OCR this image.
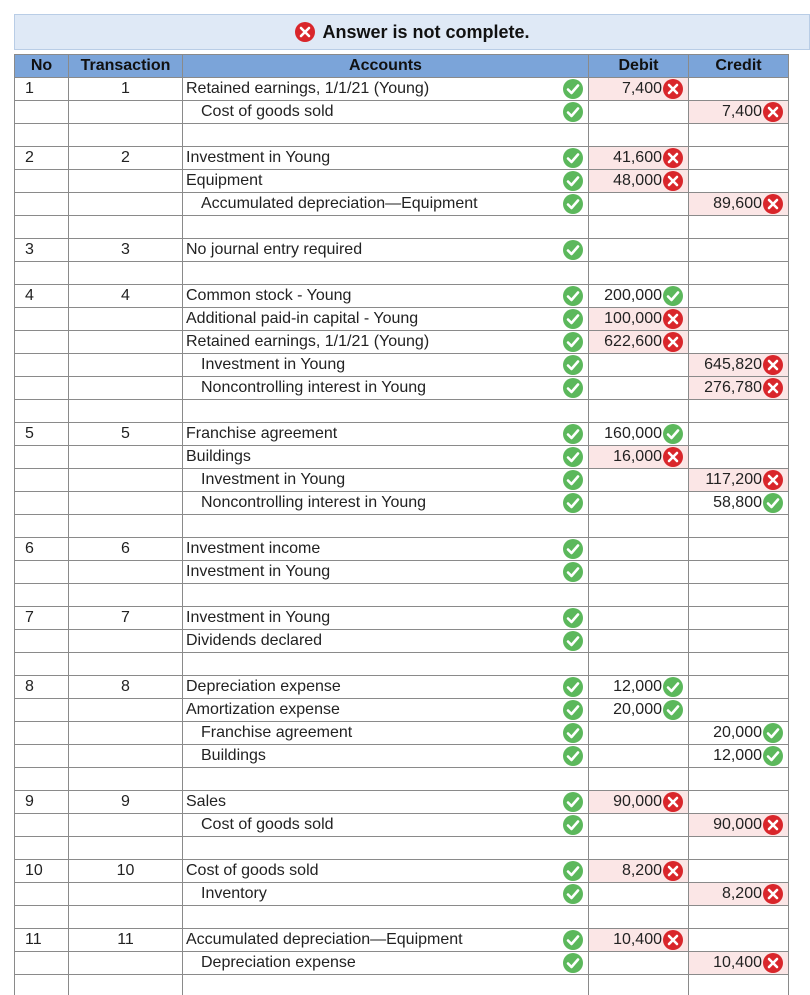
Answer is not complete.
No	Transaction	Accounts	Debit	Credit
1	1	Retained earnings, 1/1/21 (Young)	7,400	

		Cost of goods sold		7,400

2	2	Investment in Young	41,600	

		Equipment	48,000	

		Accumulated depreciation—Equipment		89,600

3	3	No journal entry required		

4	4	Common stock - Young	200,000	

		Additional paid-in capital - Young	100,000	

		Retained earnings, 1/1/21 (Young)	622,600	

		Investment in Young		645,820

		Noncontrolling interest in Young		276,780

5	5	Franchise agreement	160,000	

		Buildings	16,000	

		Investment in Young		117,200

		Noncontrolling interest in Young		58,800

6	6	Investment income		

		Investment in Young		

7	7	Investment in Young		

		Dividends declared		

8	8	Depreciation expense	12,000	

		Amortization expense	20,000	

		Franchise agreement		20,000

		Buildings		12,000

9	9	Sales	90,000	

		Cost of goods sold		90,000

10	10	Cost of goods sold	8,200	

		Inventory		8,200

11	11	Accumulated depreciation—Equipment	10,400	

		Depreciation expense		10,400
